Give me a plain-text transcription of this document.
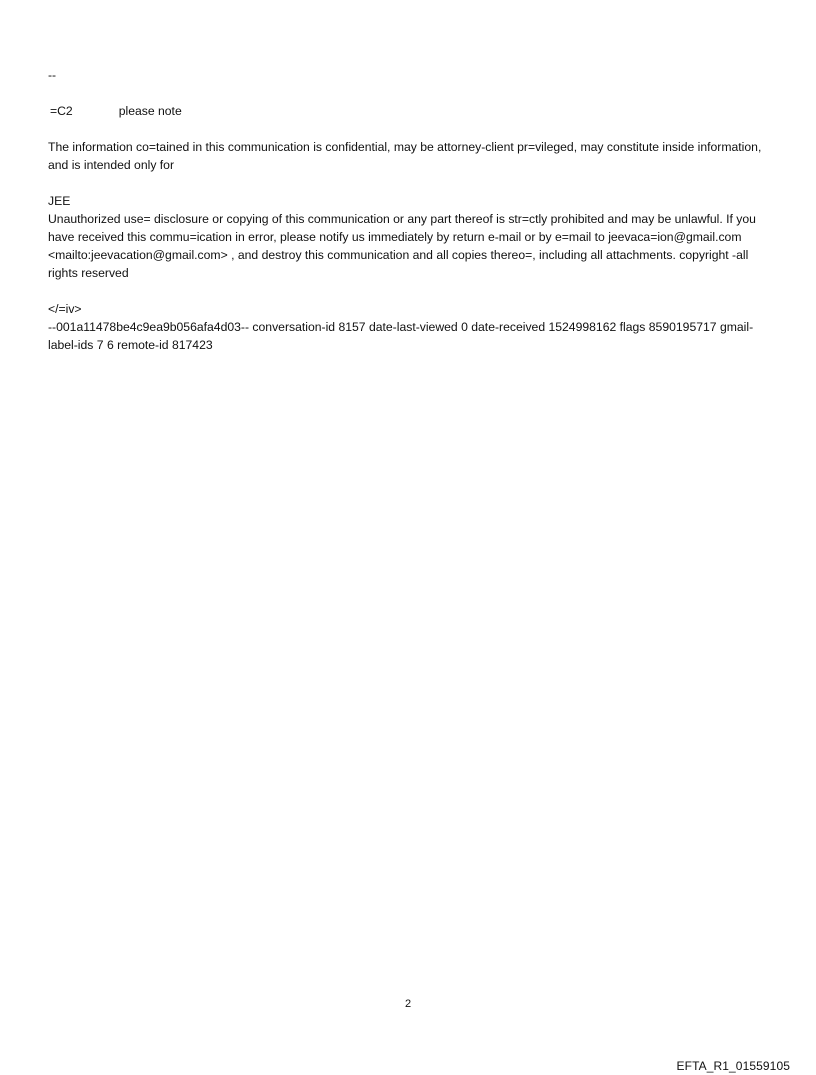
--
=C2	please note
The information co=tained in this communication is confidential, may be attorney-client pr=vileged, may constitute inside information, and is intended only for
JEE
Unauthorized use= disclosure or copying of this communication or any part thereof is str=ctly prohibited and may be unlawful. If you have received this commu=ication in error, please notify us immediately by return e-mail or by e=mail to jeevaca=ion@gmail.com <mailto:jeevacation@gmail.com> , and destroy this communication and all copies thereo=, including all attachments. copyright -all rights reserved
</=iv>
--001a11478be4c9ea9b056afa4d03-- conversation-id 8157 date-last-viewed 0 date-received 1524998162 flags 8590195717 gmail-label-ids 7 6 remote-id 817423
2
EFTA_R1_01559105
